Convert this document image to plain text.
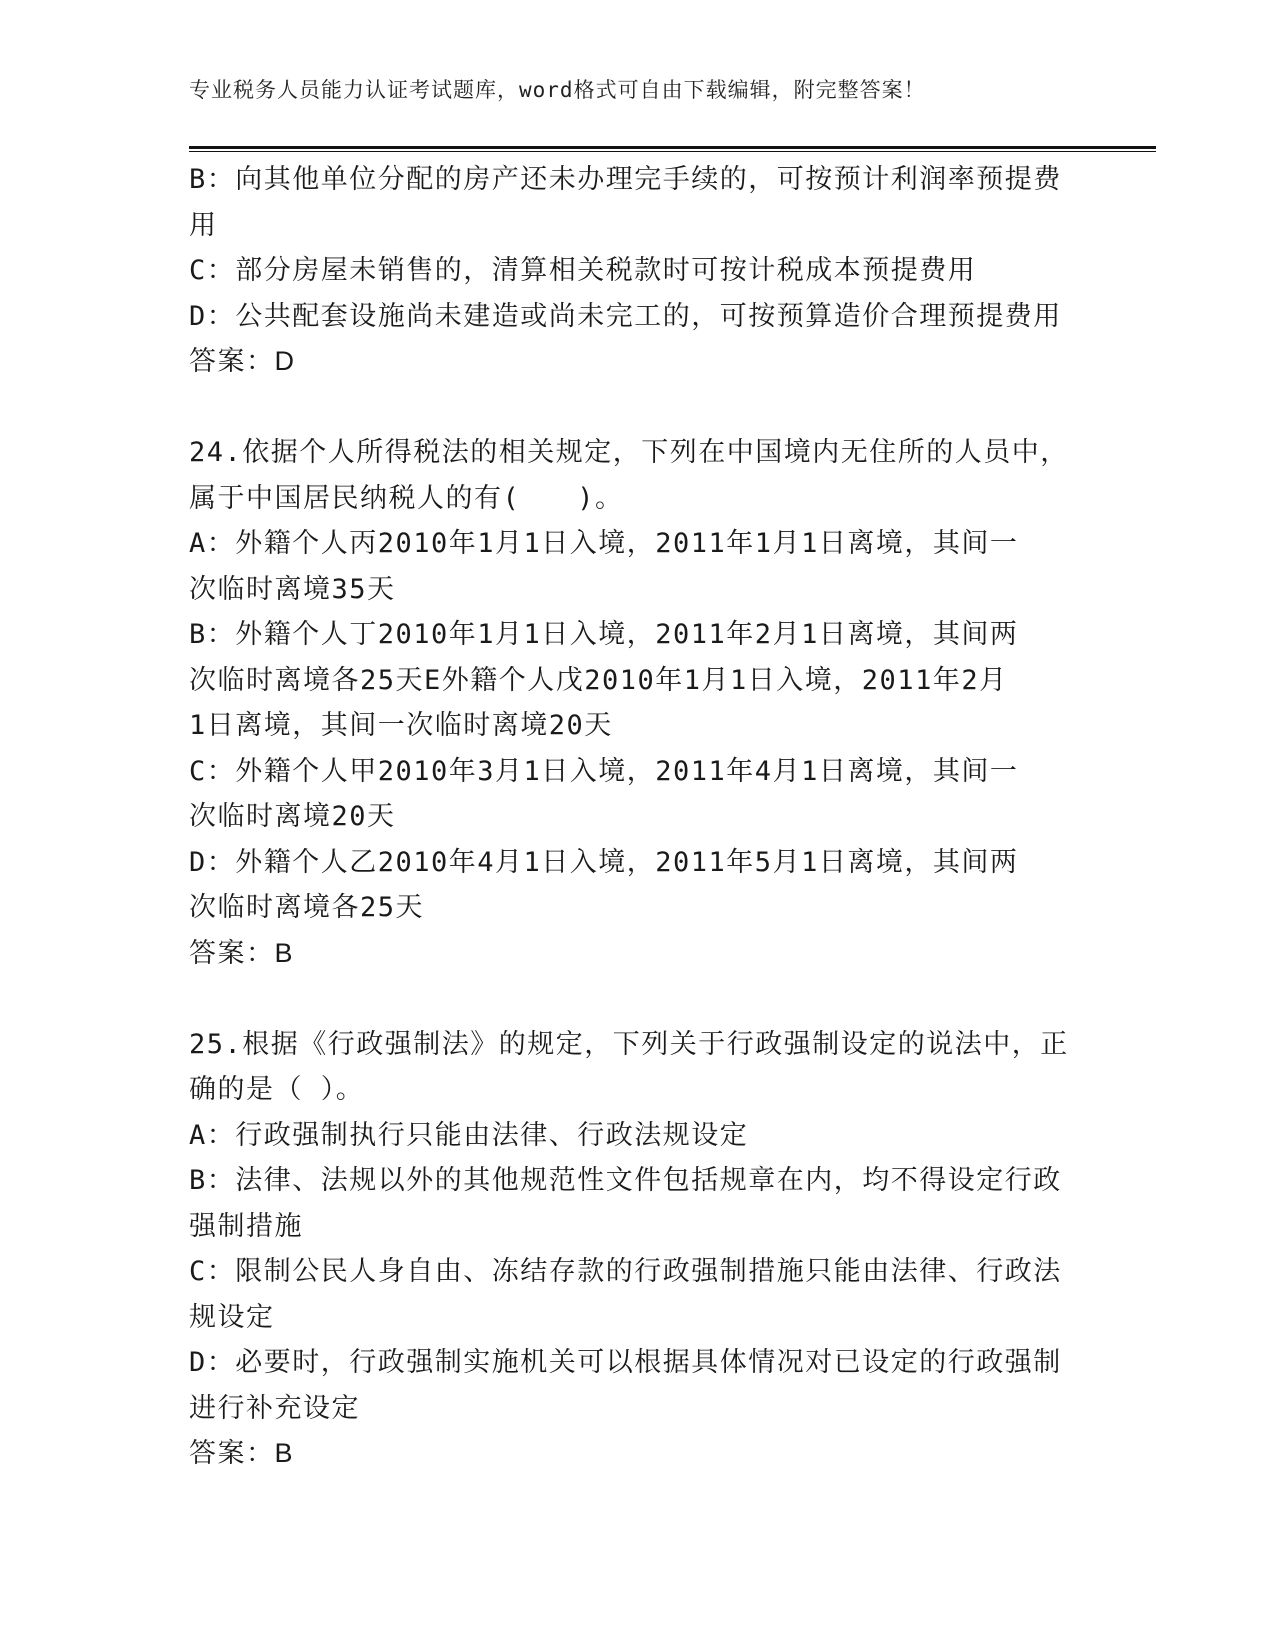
专业税务人员能力认证考试题库，word格式可自由下载编辑，附完整答案！
B：向其他单位分配的房产还未办理完手续的，可按预计利润率预提费
用
C：部分房屋未销售的，清算相关税款时可按计税成本预提费用
D：公共配套设施尚未建造或尚未完工的，可按预算造价合理预提费用
答案：D
24.依据个人所得税法的相关规定，下列在中国境内无住所的人员中，
属于中国居民纳税人的有(　　)。
A：外籍个人丙2010年1月1日入境，2011年1月1日离境，其间一
次临时离境35天
B：外籍个人丁2010年1月1日入境，2011年2月1日离境，其间两
次临时离境各25天E外籍个人戊2010年1月1日入境，2011年2月
1日离境，其间一次临时离境20天
C：外籍个人甲2010年3月1日入境，2011年4月1日离境，其间一
次临时离境20天
D：外籍个人乙2010年4月1日入境，2011年5月1日离境，其间两
次临时离境各25天
答案：B
25.根据《行政强制法》的规定，下列关于行政强制设定的说法中，正
确的是（ ）。
A：行政强制执行只能由法律、行政法规设定
B：法律、法规以外的其他规范性文件包括规章在内，均不得设定行政
强制措施
C：限制公民人身自由、冻结存款的行政强制措施只能由法律、行政法
规设定
D：必要时，行政强制实施机关可以根据具体情况对已设定的行政强制
进行补充设定
答案：B
